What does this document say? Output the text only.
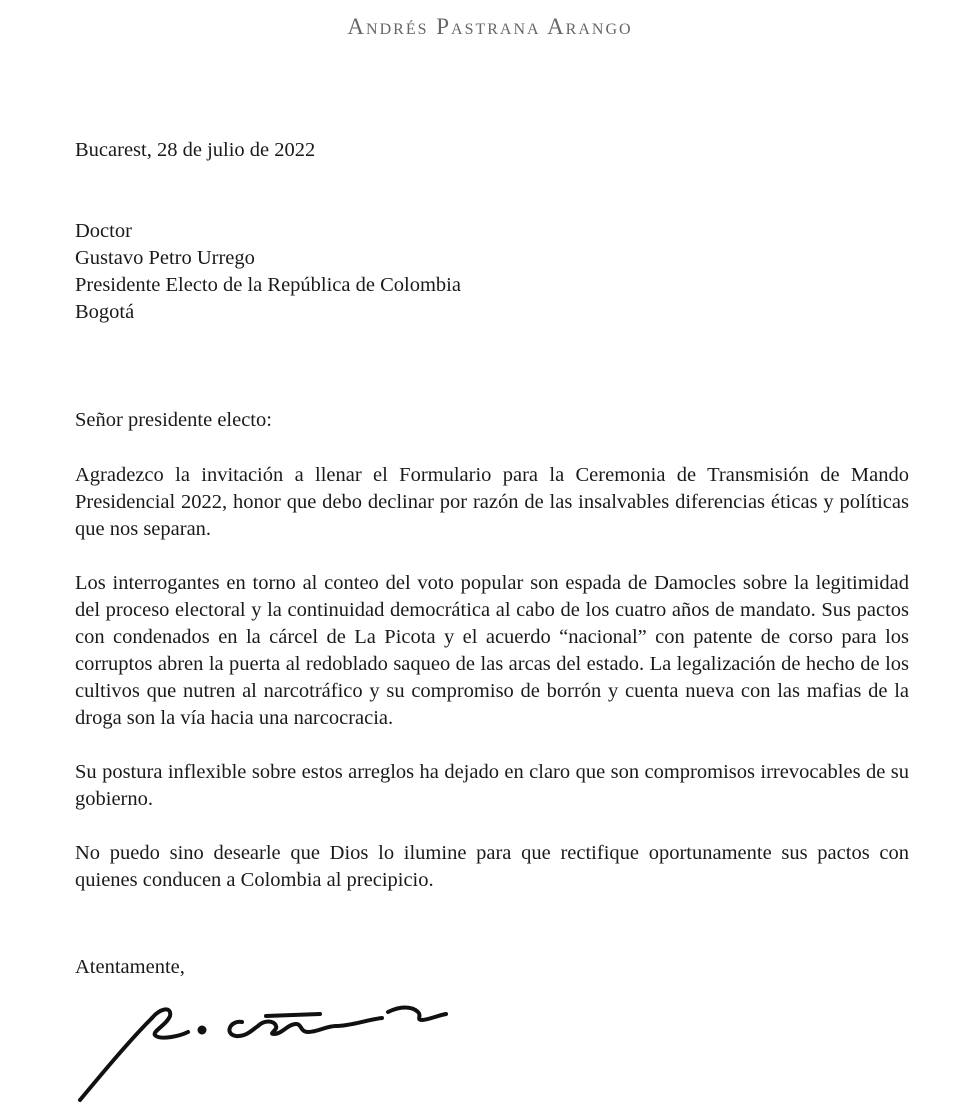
Andrés Pastrana Arango
Bucarest, 28 de julio de 2022
Doctor
Gustavo Petro Urrego
Presidente Electo de la República de Colombia
Bogotá
Señor presidente electo:

Agradezco la invitación a llenar el Formulario para la Ceremonia de Transmisión de Mando Presidencial 2022, honor que debo declinar por razón de las insalvables diferencias éticas y políticas que nos separan.

Los interrogantes en torno al conteo del voto popular son espada de Damocles sobre la legitimidad del proceso electoral y la continuidad democrática al cabo de los cuatro años de mandato. Sus pactos con condenados en la cárcel de La Picota y el acuerdo “nacional” con patente de corso para los corruptos abren la puerta al redoblado saqueo de las arcas del estado. La legalización de hecho de los cultivos que nutren al narcotráfico y su compromiso de borrón y cuenta nueva con las mafias de la droga son la vía hacia una narcocracia.

Su postura inflexible sobre estos arreglos ha dejado en claro que son compromisos irrevocables de su gobierno.

No puedo sino desearle que Dios lo ilumine para que rectifique oportunamente sus pactos con quienes conducen a Colombia al precipicio.

Atentamente,
